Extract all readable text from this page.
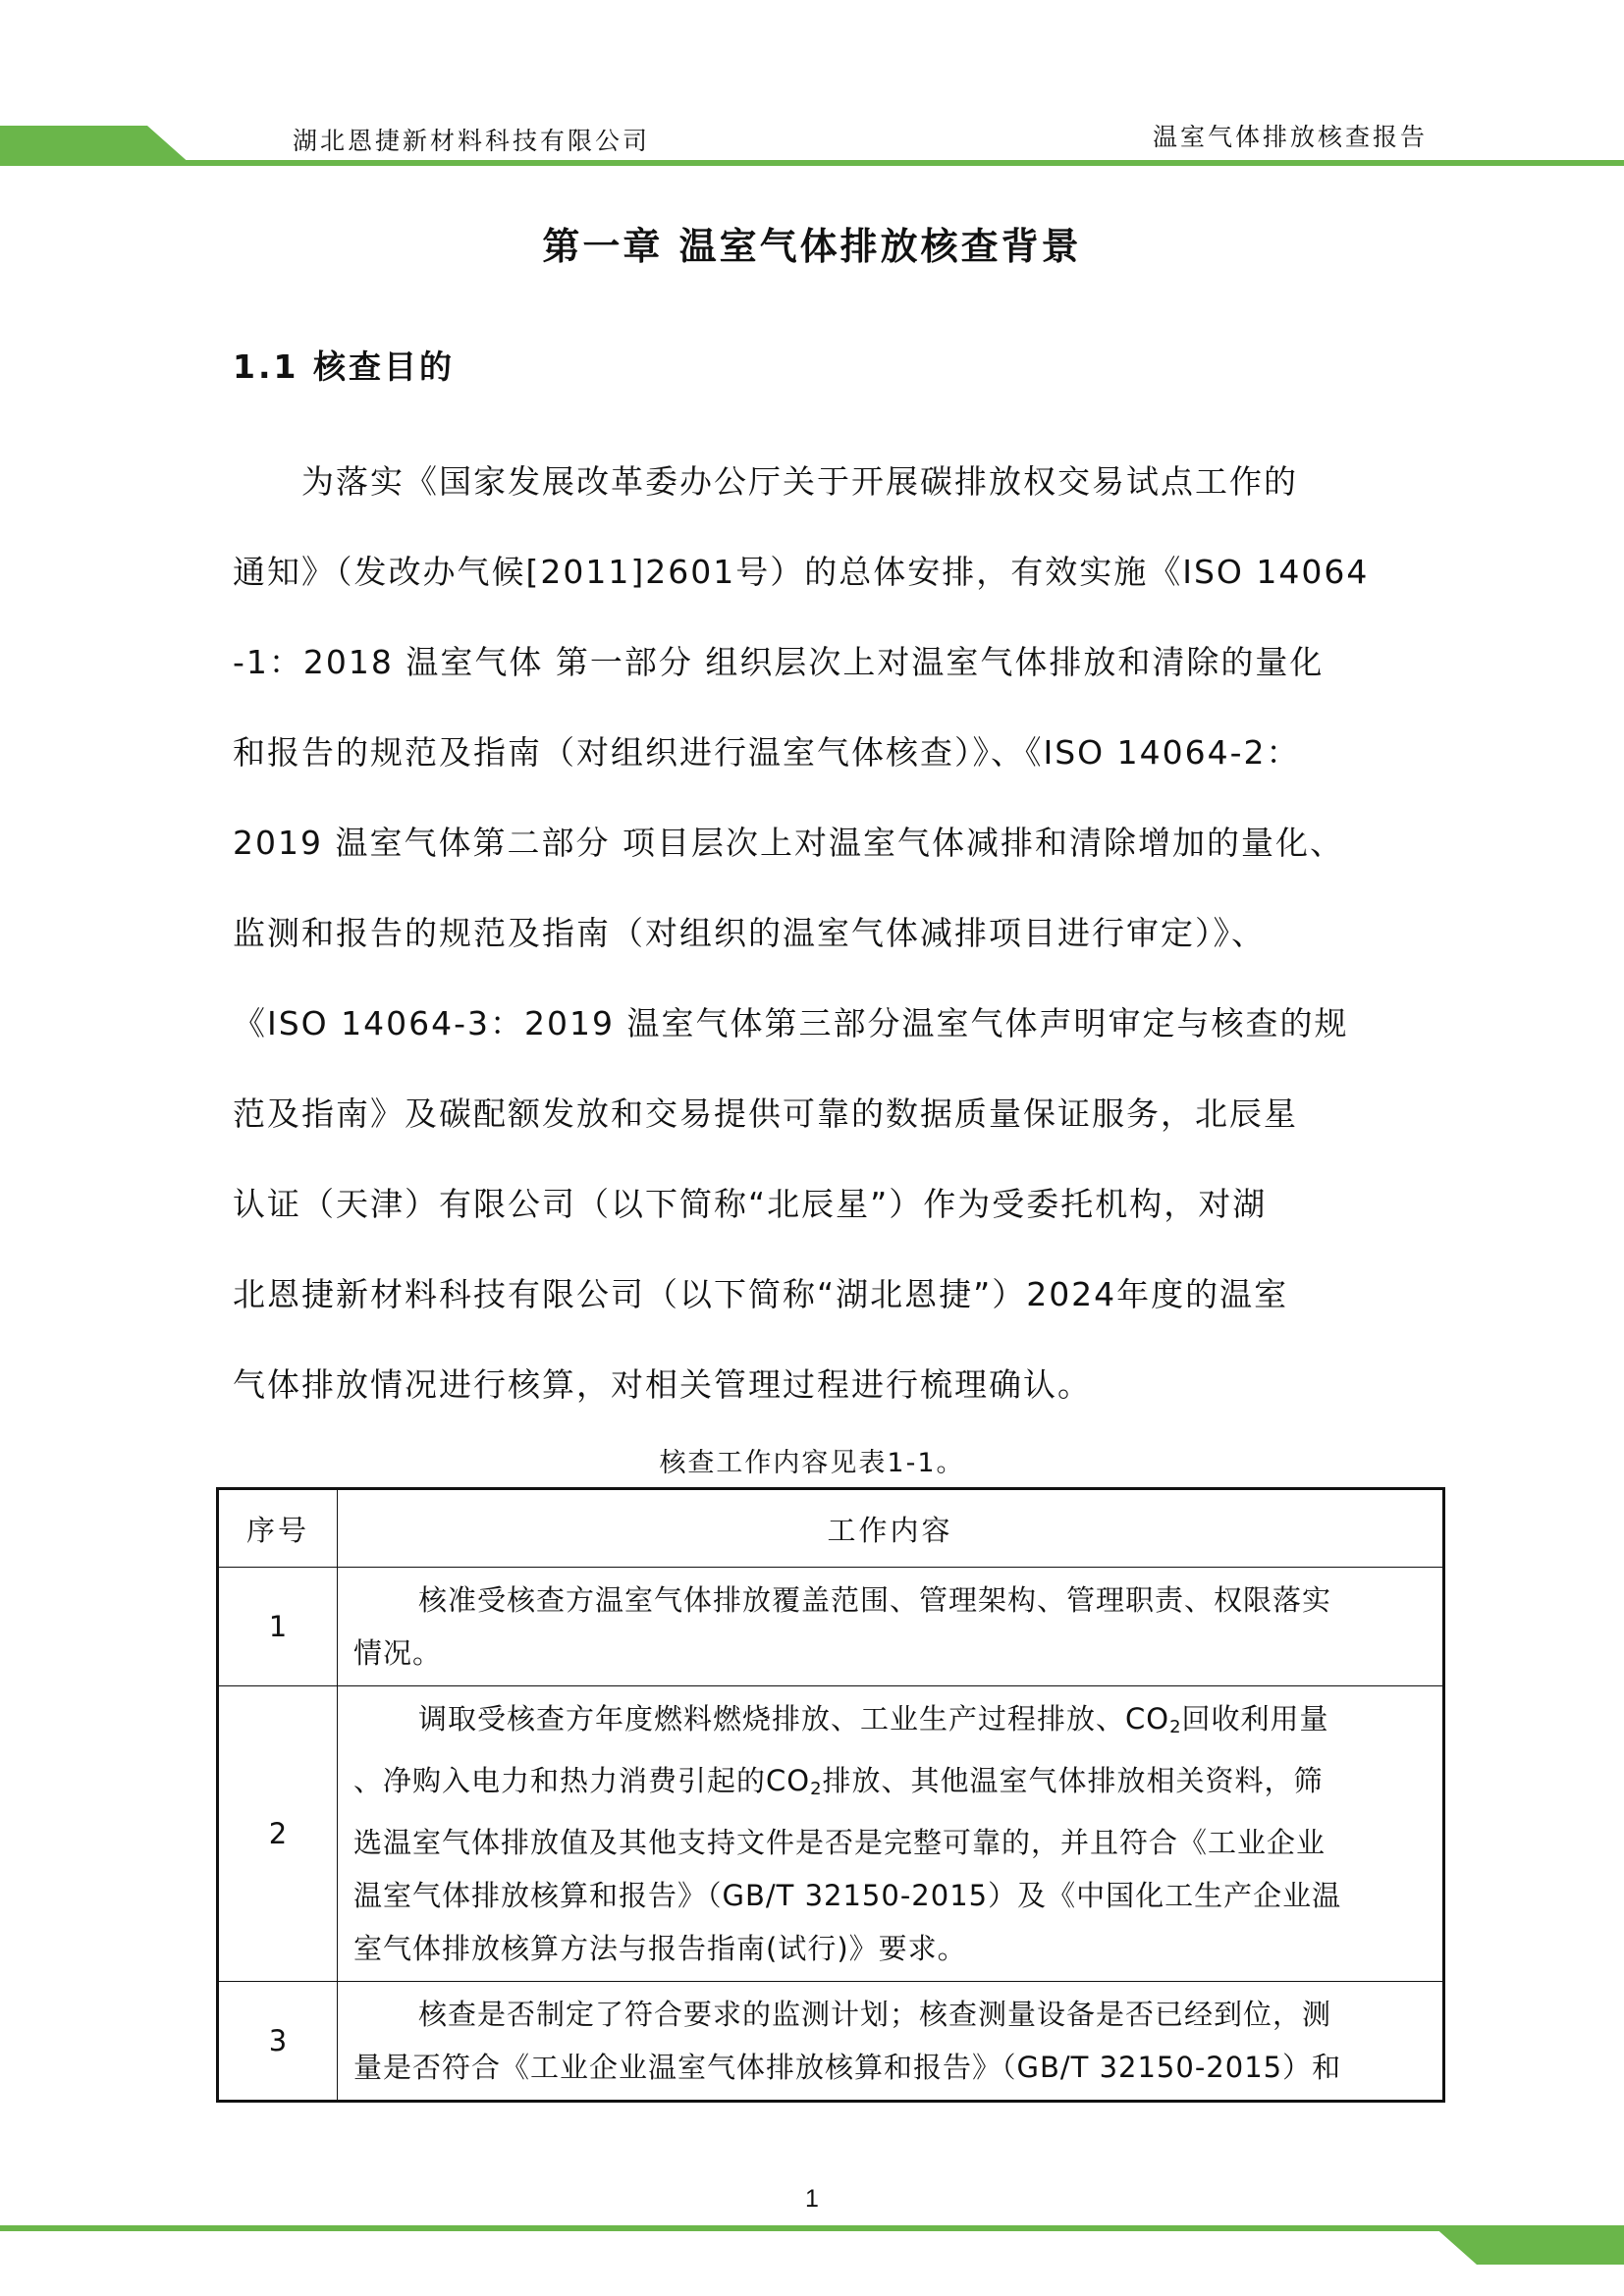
湖北恩捷新材料科技有限公司	温室气体排放核查报告
第一章 温室气体排放核查背景
1.1 核查目的
　　为落实《国家发展改革委办公厅关于开展碳排放权交易试点工作的
通知》（发改办气候[2011]2601号）的总体安排，有效实施《ISO 14064
-1：2018 温室气体 第一部分 组织层次上对温室气体排放和清除的量化
和报告的规范及指南（对组织进行温室气体核查）》、《ISO 14064-2：
2019 温室气体第二部分 项目层次上对温室气体减排和清除增加的量化、
监测和报告的规范及指南（对组织的温室气体减排项目进行审定）》、
《ISO 14064-3：2019 温室气体第三部分温室气体声明审定与核查的规
范及指南》及碳配额发放和交易提供可靠的数据质量保证服务，北辰星
认证（天津）有限公司（以下简称“北辰星”）作为受委托机构，对湖
北恩捷新材料科技有限公司（以下简称“湖北恩捷”）2024年度的温室
气体排放情况进行核算，对相关管理过程进行梳理确认。
核查工作内容见表1-1。
序号	工作内容
1	核准受核查方温室气体排放覆盖范围、管理架构、管理职责、权限落实
情况。

2	调取受核查方年度燃料燃烧排放、工业生产过程排放、$CO_2$回收利用量
、净购入电力和热力消费引起的$CO_2$排放、其他温室气体排放相关资料，筛
选温室气体排放值及其他支持文件是否是完整可靠的，并且符合《工业企业
温室气体排放核算和报告》（GB/T 32150-2015）及《中国化工生产企业温
室气体排放核算方法与报告指南(试行)》要求。

3	核查是否制定了符合要求的监测计划；核查测量设备是否已经到位，测
量是否符合《工业企业温室气体排放核算和报告》（GB/T 32150-2015）和
1
